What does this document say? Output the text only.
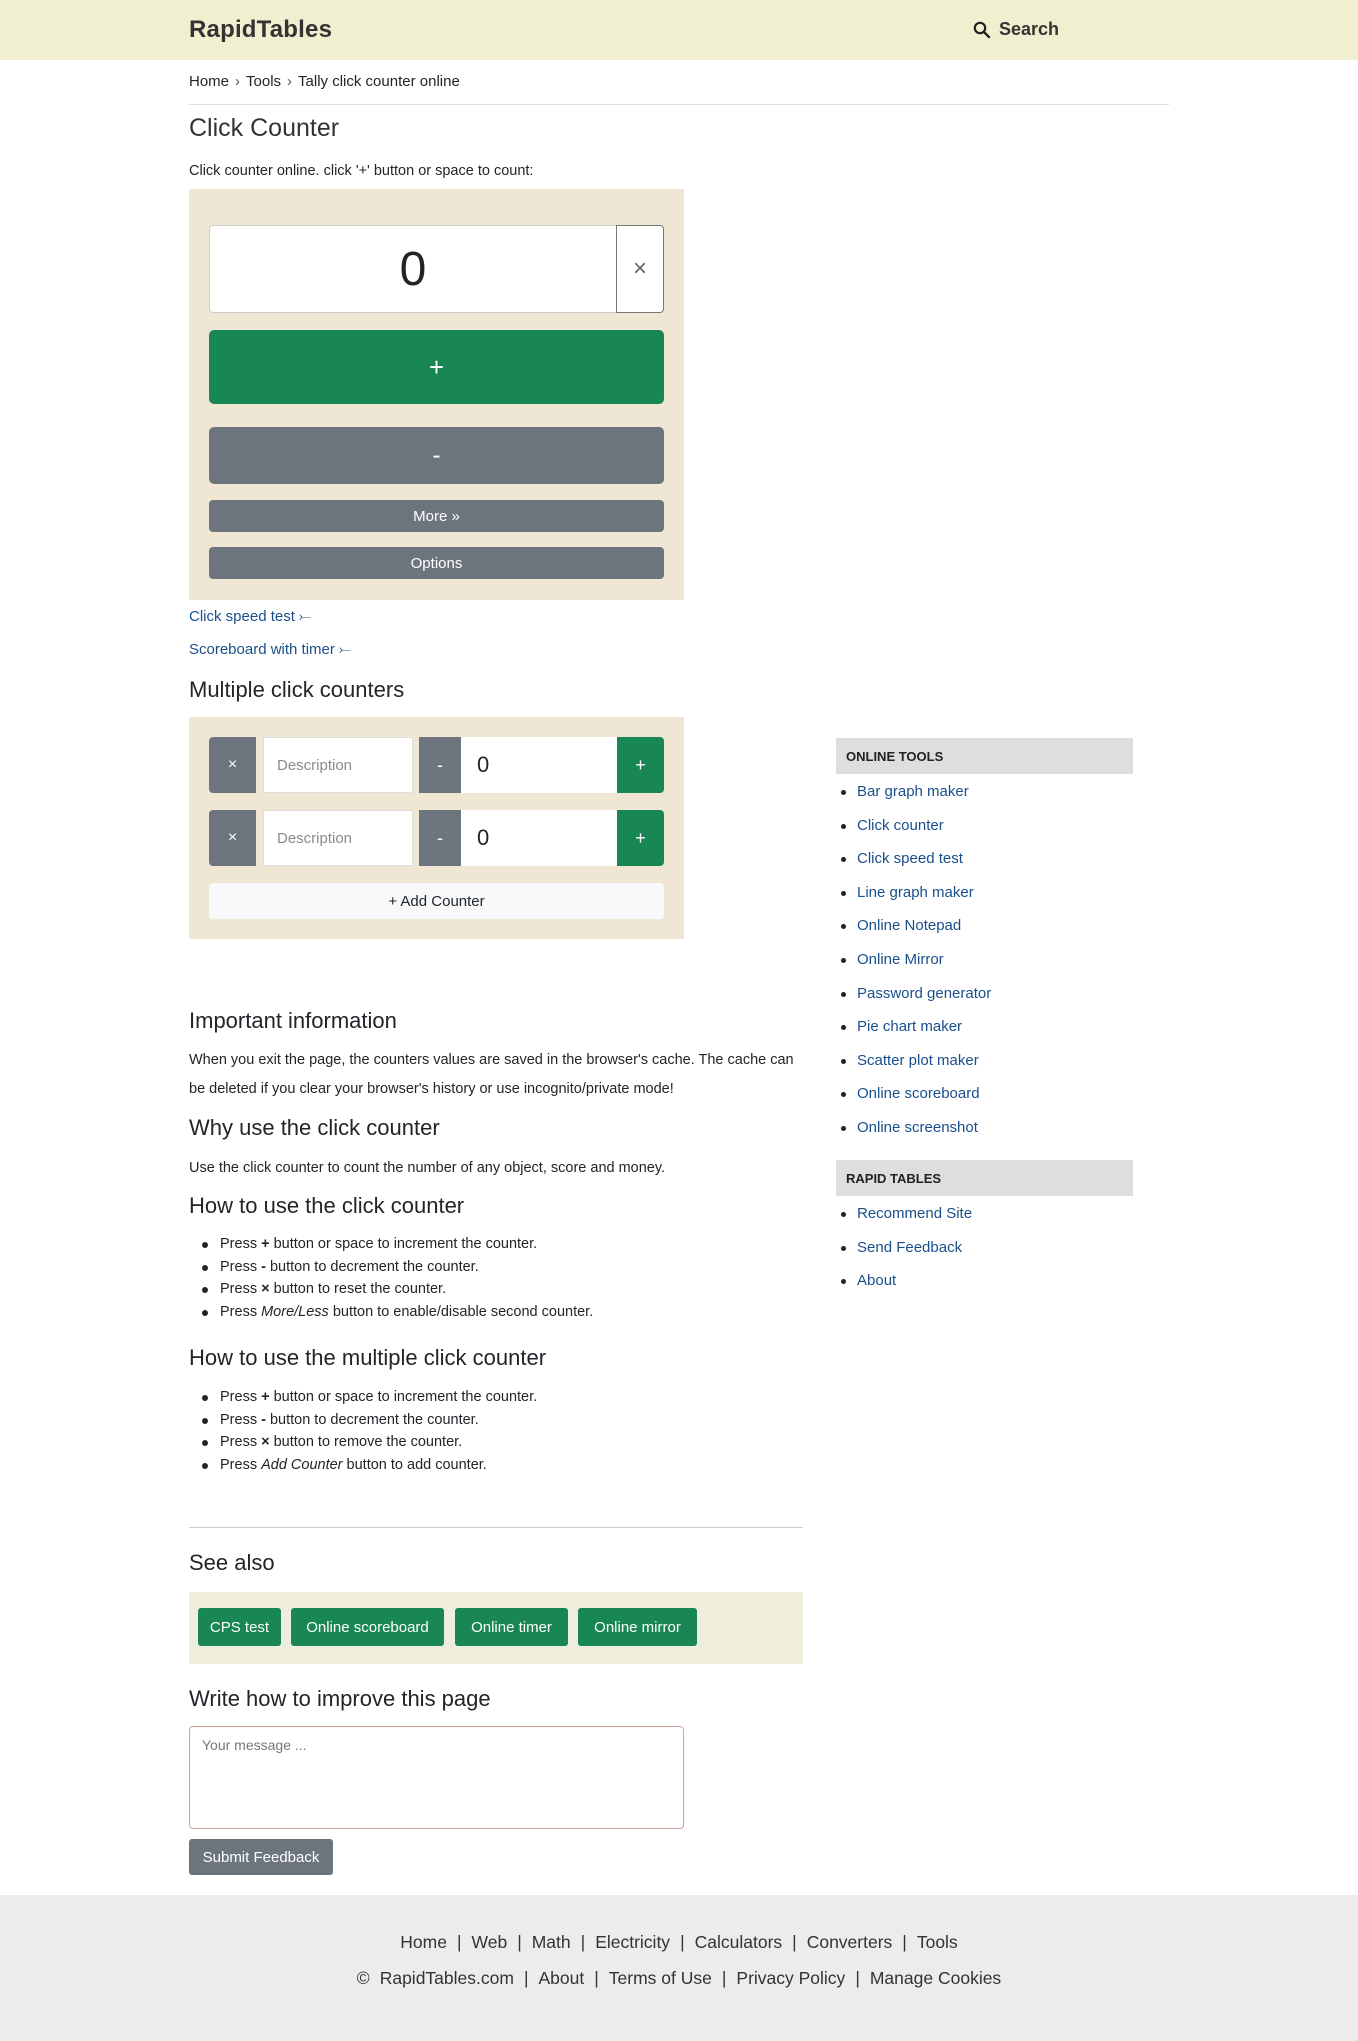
RapidTables	Search
Home › Tools › Tally click counter online
Click Counter

Click counter online. click '+' button or space to count:

0	×
+
-
More »
Options
Click speed test ⤚
Scoreboard with timer ⤚
Multiple click counters
×	Description	-	0	+
×	Description	-	0	+
+ Add Counter
Important information

When you exit the page, the counters values are saved in the browser's cache. The cache can be deleted if you clear your browser's history or use incognito/private mode!

Why use the click counter

Use the click counter to count the number of any object, score and money.

How to use the click counter
Press + button or space to increment the counter.
Press - button to decrement the counter.
Press × button to reset the counter.
Press More/Less button to enable/disable second counter.
How to use the multiple click counter
Press + button or space to increment the counter.
Press - button to decrement the counter.
Press × button to remove the counter.
Press Add Counter button to add counter.
See also
CPS test	Online scoreboard	Online timer	Online mirror
Write how to improve this page
Your message ...
Submit Feedback
ONLINE TOOLS
Bar graph maker
Click counter
Click speed test
Line graph maker
Online Notepad
Online Mirror
Password generator
Pie chart maker
Scatter plot maker
Online scoreboard
Online screenshot
RAPID TABLES
Recommend Site
Send Feedback
About
Home | Web | Math | Electricity | Calculators | Converters | Tools
© RapidTables.com | About | Terms of Use | Privacy Policy | Manage Cookies
